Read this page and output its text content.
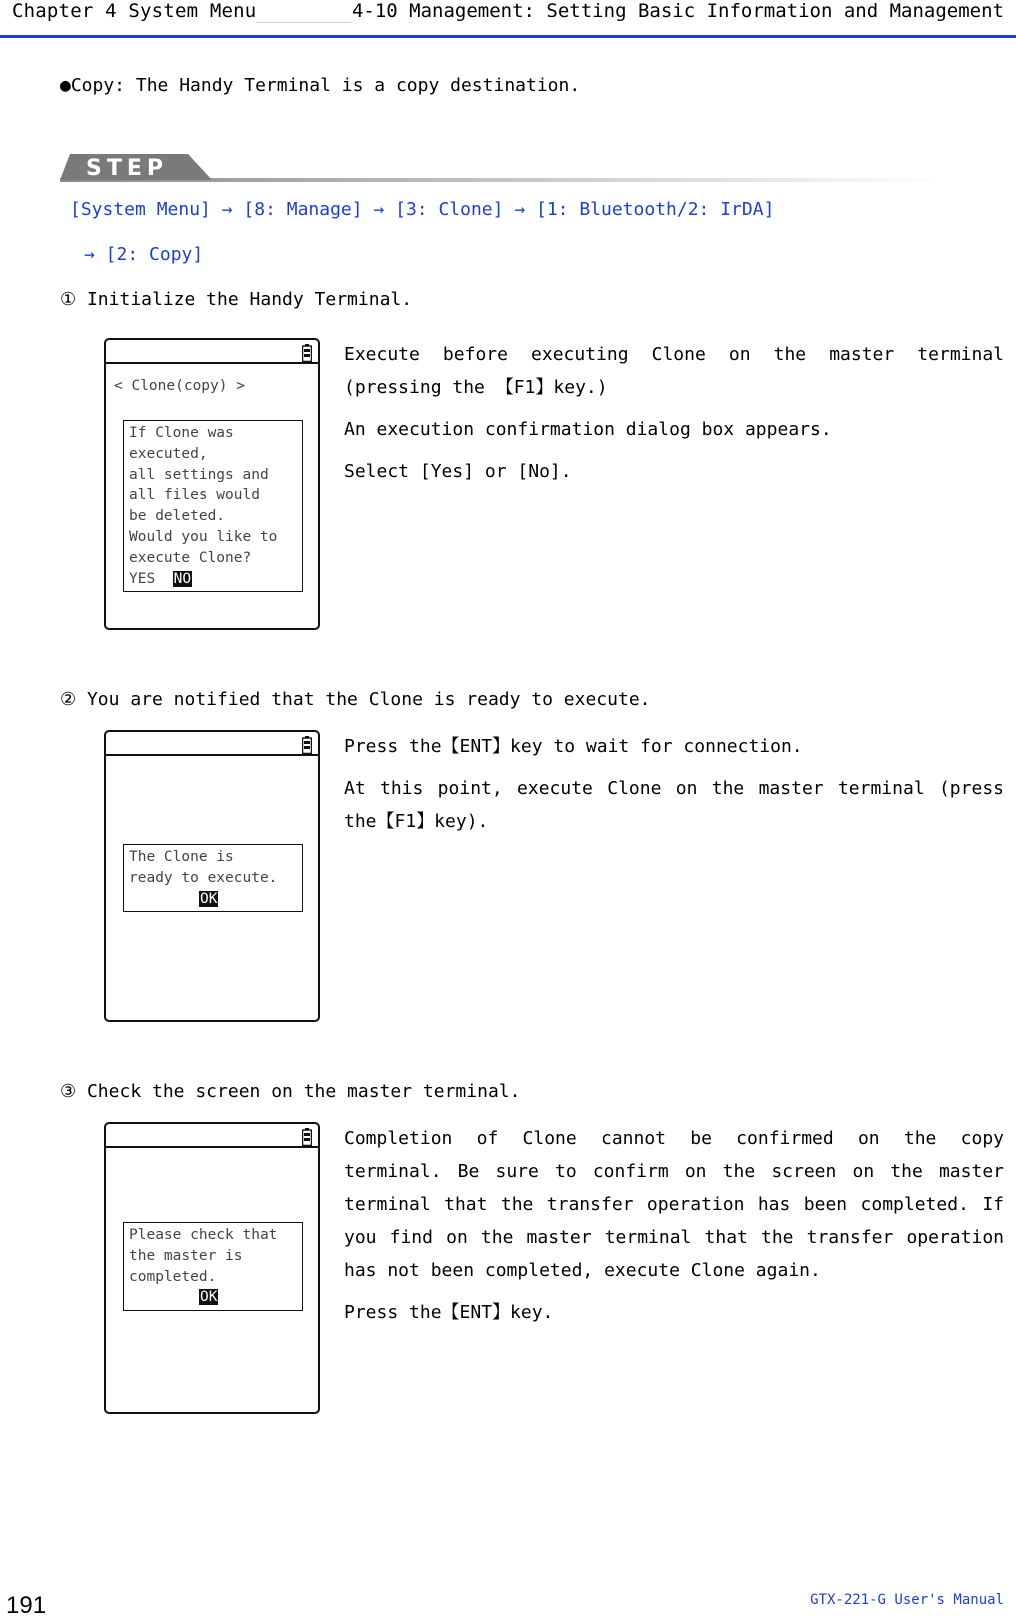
Chapter 4 System Menu	4-10 Management: Setting Basic Information and Management
●Copy: The Handy Terminal is a copy destination.
STEP
[System Menu] → [8: Manage] → [3: Clone] → [1: Bluetooth/2: IrDA]
→ [2: Copy]
① Initialize the Handy Terminal.
< Clone(copy) >
If Clone was
executed,
all settings and
all files would
be deleted.
Would you like to
execute Clone?
YES NO

Execute before executing Clone on the master terminal (pressing the 【F1】key.)

An execution confirmation dialog box appears.

Select [Yes] or [No].

② You are notified that the Clone is ready to execute.
The Clone is
ready to execute.
OK

Press the【ENT】key to wait for connection.

At this point, execute Clone on the master terminal (press the【F1】key).

③ Check the screen on the master terminal.
Please check that
the master is
completed.
OK

Completion of Clone cannot be confirmed on the copy terminal. Be sure to confirm on the screen on the master terminal that the transfer operation has been completed. If you find on the master terminal that the transfer operation has not been completed, execute Clone again.

Press the【ENT】key.

191	GTX-221-G User's Manual
